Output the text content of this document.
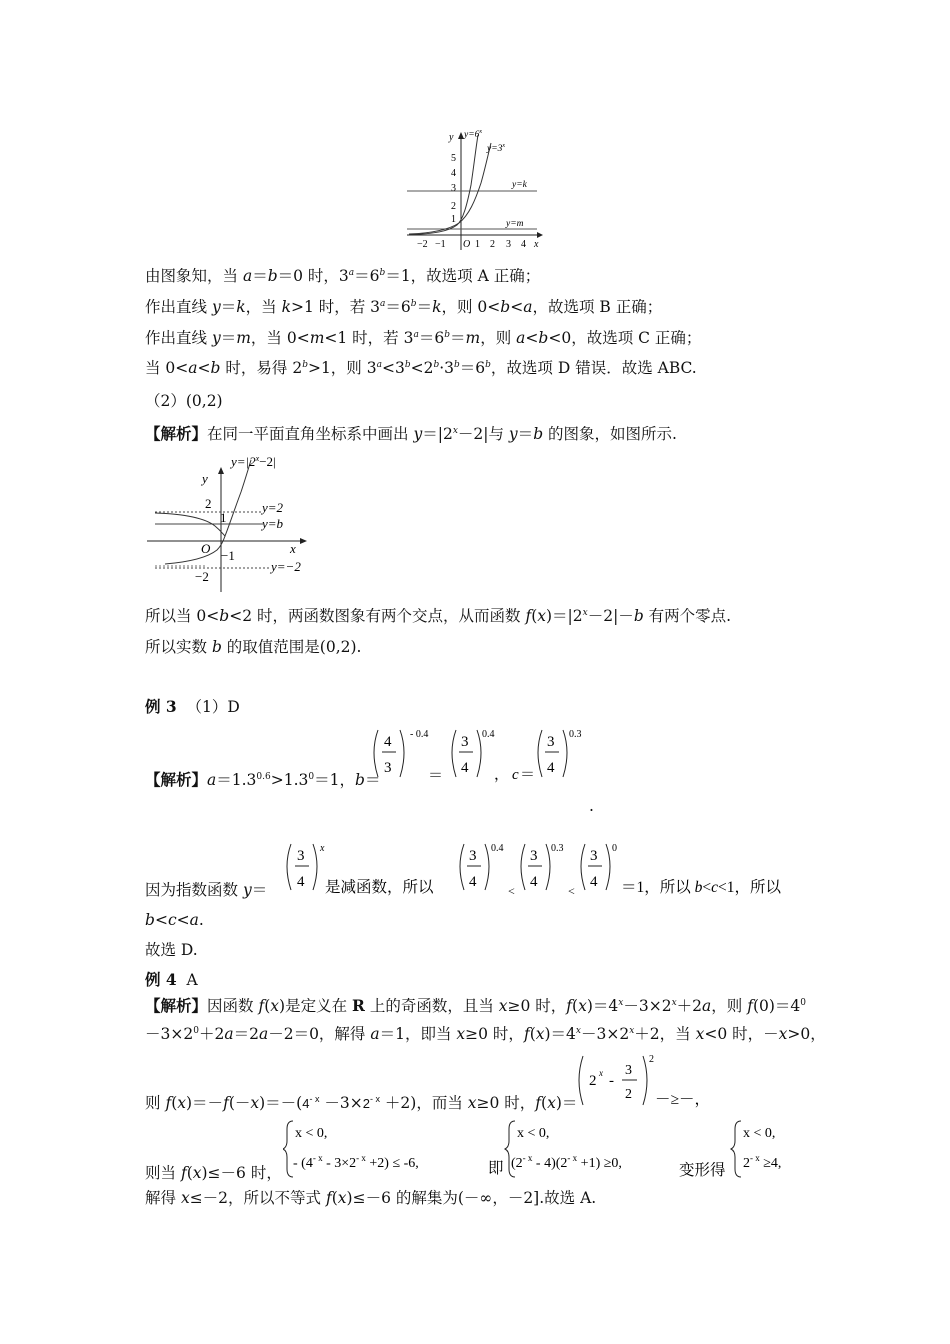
1
2
3
4
5
y
−2 −1 O 1 2 3 4 x
$y=6^x$
$y=3^x$
y=k
y=m
由图象知，当 a＝b＝0 时，$3^a=6^b=1$，故选项 A 正确；
作出直线 y＝k，当 k>1 时，若 $3^a=6^b=k$，则 0<b<a，故选项 B 正确；
作出直线 y＝m，当 0<m<1 时，若 $3^a=6^b=m$，则 a<b<0，故选项 C 正确；
当 0<a<b 时，易得 $2^b>1$，则 $3^a<3^b<2^b\cdot 3^b=6^b$，故选项 D 错误．故选 ABC.
（2）(0,2)
【解析】在同一平面直角坐标系中画出 $y=|2^x-2|$与 y＝b 的图象，如图所示.
$y=|2^x-2|$
y
2
1
y=2
y=b
x
O −1
−2
y=−2
所以当 0<b<2 时，两函数图象有两个交点，从而函数 $f(x)=|2^x-2|-b$ 有两个零点.
所以实数 b 的取值范围是(0,2).
例 3 （1）D
【解析】$a=1.3^{0.6}>1.3^0=1$，b＝
4
3
- 0.4
＝
3
4
0.4
， c ＝
3
4
0.3
.
因为指数函数 y＝
3
4
x
是减函数，所以
3
4
0.4
<
3
4
0.3
<
3
4
0
＝1，所以 b<c<1，所以
b<c<a.
故选 D.
例 4 A
【解析】因函数 f(x)是定义在 R 上的奇函数，且当 x≥0 时，$f(x)=4^x-3\times 2^x+2a$，则 $f(0)=4^0$
$-3\times 2^0+2a=2a-2=0$，解得 a＝1，即当 x≥0 时，$f(x)=4^x-3\times 2^x+2$，当 x<0 时，－x>0，
则 $f(x)=-f(-x)=-(4^{- x} -3\times 2^{- x} +2)$，而当 x≥0 时，f(x)＝
2 x -
3
2
2
－≥－，
则当 f(x)≤－6 时，
x < 0,
- $(4^{- x} - 3\times 2^{- x} +2) \le -6$,
x < 0,
$(2^{- x} - 4)(2^{- x} +1) \ge 0$,
x < 0,
$2^{- x} \ge 4$,
即	变形得
解得 x≤－2，所以不等式 f(x)≤－6 的解集为(－∞，－2].故选 A.
